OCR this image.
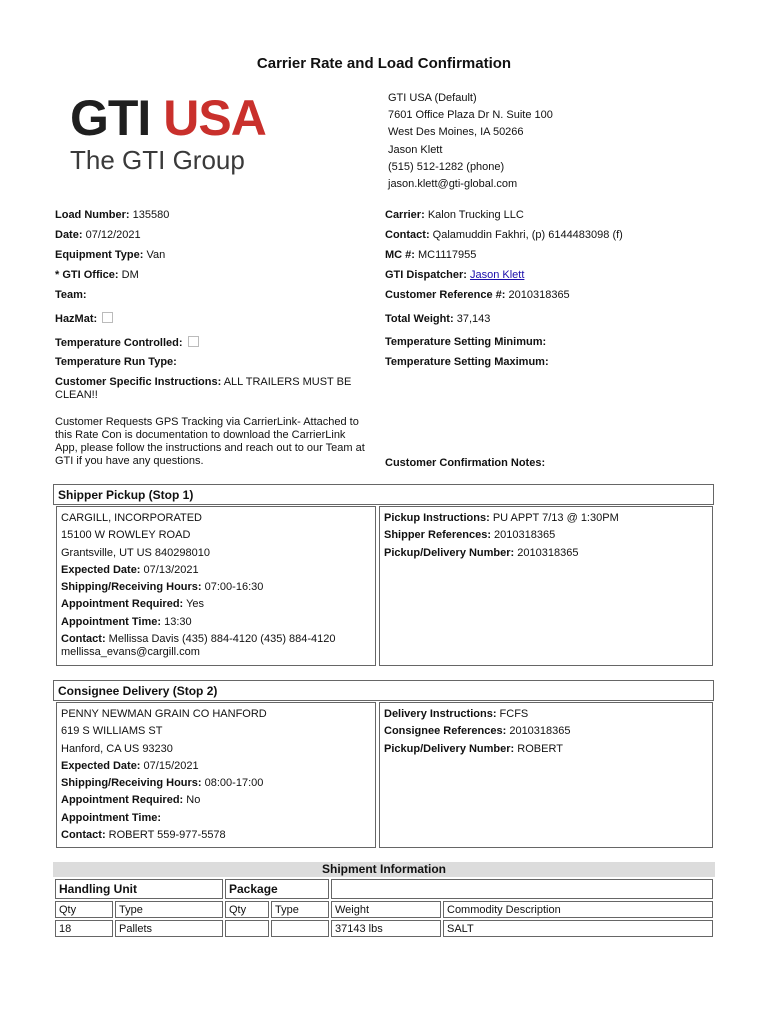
Carrier Rate and Load Confirmation
GTI USA
The GTI Group
GTI USA (Default)
7601 Office Plaza Dr N. Suite 100
West Des Moines, IA 50266
Jason Klett
(515) 512-1282 (phone)
jason.klett@gti-global.com
Load Number: 135580
Date: 07/12/2021
Equipment Type: Van
* GTI Office: DM
Team:
HazMat:
Temperature Controlled:
Temperature Run Type:
Customer Specific Instructions: ALL TRAILERS MUST BE CLEAN!!
Customer Requests GPS Tracking via CarrierLink- Attached to this Rate Con is documentation to download the CarrierLink App, please follow the instructions and reach out to our Team at GTI if you have any questions.
Carrier: Kalon Trucking LLC
Contact: Qalamuddin Fakhri, (p) 6144483098 (f)
MC #: MC1117955
GTI Dispatcher: Jason Klett
Customer Reference #: 2010318365
Total Weight: 37,143
Temperature Setting Minimum:
Temperature Setting Maximum:
Customer Confirmation Notes:
Shipper Pickup (Stop 1)
CARGILL, INCORPORATED
15100 W ROWLEY ROAD
Grantsville, UT US 840298010
Expected Date: 07/13/2021
Shipping/Receiving Hours: 07:00-16:30
Appointment Required: Yes
Appointment Time: 13:30
Contact: Mellissa Davis (435) 884-4120 (435) 884-4120
mellissa_evans@cargill.com
Pickup Instructions: PU APPT 7/13 @ 1:30PM
Shipper References: 2010318365
Pickup/Delivery Number: 2010318365
Consignee Delivery (Stop 2)
PENNY NEWMAN GRAIN CO HANFORD
619 S WILLIAMS ST
Hanford, CA US 93230
Expected Date: 07/15/2021
Shipping/Receiving Hours: 08:00-17:00
Appointment Required: No
Appointment Time:
Contact: ROBERT 559-977-5578
Delivery Instructions: FCFS
Consignee References: 2010318365
Pickup/Delivery Number: ROBERT
Shipment Information
Handling Unit		Package			
Qty	Type	Qty	Type	Weight	Commodity Description
18	Pallets			37143 lbs	SALT
